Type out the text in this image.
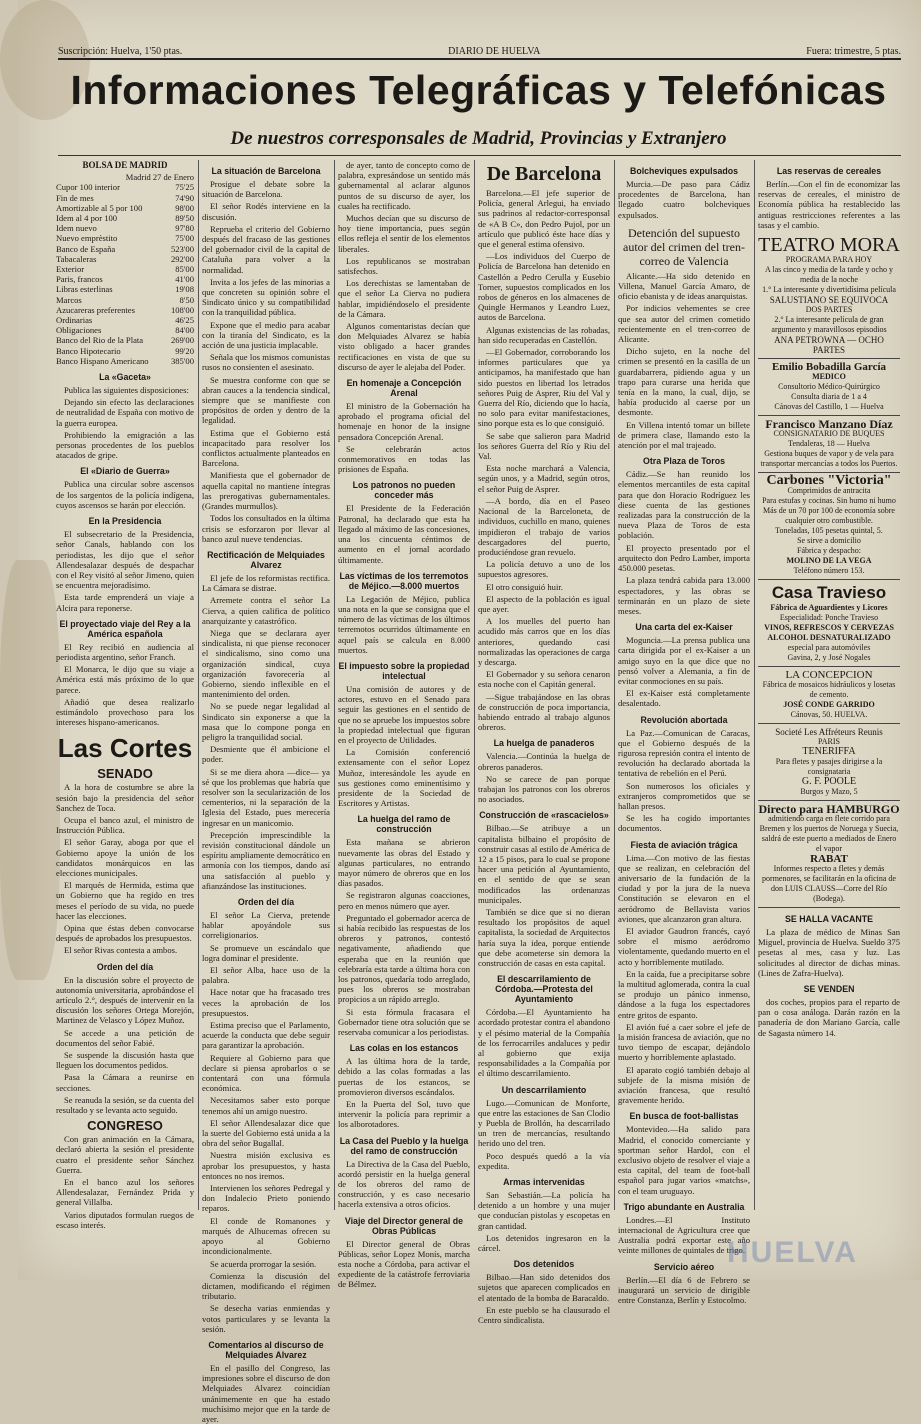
Suscripción: Huelva, 1'50 ptas.	DIARIO DE HUELVA	Fuera: trimestre, 5 ptas.
Informaciones Telegráficas y Telefónicas
De nuestros corresponsales de Madrid, Provincias y Extranjero
BOLSA DE MADRID
Madrid 27 de Enero
Cupor 100 interior	75'25
Fin de mes	74'90
Amortizable al 5 por 100	98'00
Idem al 4 por 100	89'50
Idem nuevo	97'80
Nuevo emprèstito	75'00
Banco de España	523'00
Tabacaleras	292'00
Exterior	85'00
Paris, francos	41'00
Libras esterlinas	19'08
Marcos	8'50
Azucareras preferentes	108'00
Ordinarias	46'25
Obligaciones	84'00
Banco del Rio de la Plata	269'00
Banco Hipotecario	99'20
Banco Hispano Americano	385'00
La «Gaceta»

Publica las siguientes disposiciones:

Dejando sin efecto las declaraciones de neutralidad de España con motivo de la guerra europea.

Prohibiendo la emigración a las personas procedentes de los pueblos atacados de gripe.

El «Diario de Guerra»

Publica una circular sobre ascensos de los sargentos de la policía indígena, cuyos ascensos se harán por elección.

En la Presidencia

El subsecretario de la Presidencia, señor Canals, hablando con los periodistas, les dijo que el señor Allendesalazar después de despachar con el Rey visitó al señor Jimeno, quien se encuentra mejoradísimo.

Esta tarde emprenderá un viaje a Alcira para reponerse.

El proyectado viaje del Rey a la América española

El Rey recibió en audiencia al periodista argentino, señor Franch.

El Monarca, le dijo que su viaje a América está más próximo de lo que parece.

Añadió que desea realizarlo estimándolo provechoso para los intereses hispano-americanos.

Las Cortes
SENADO

A la hora de costumbre se abre la sesión bajo la presidencia del señor Sanchez de Toca.

Ocupa el banco azul, el ministro de Instrucción Pública.

El señor Garay, aboga por que el Gobierno apoye la unión de los candidatos monárquicos en las elecciones municipales.

El marqués de Hermida, estima que un Gobierno que ha regido en tres meses el período de su vida, no puede hacer las elecciones.

Opina que éstas deben convocarse después de aprobados los presupuestos.

El señor Rivas contesta a ambos.

Orden del día

En la discusión sobre el proyecto de autonomía universitaria, aprobándose el artículo 2.°, después de intervenir en la discusión los señores Ortega Morejón, Martinez de Velasco y López Muñoz.

Se accede a una petición de documentos del señor Fabié.

Se suspende la discusión hasta que lleguen los documentos pedidos.

Pasa la Cámara a reunirse en secciones.

Se reanuda la sesión, se da cuenta del resultado y se levanta acto seguido.

CONGRESO

Con gran animación en la Cámara, declaró abierta la sesión el presidente cuatro el presidente señor Sánchez Guerra.

En el banco azul los señores Allendesalazar, Fernández Prida y general Villalba.

Varios diputados formulan ruegos de escaso interés.

La situación de Barcelona

Prosigue el debate sobre la situación de Barcelona.

El señor Rodés interviene en la discusión.

Reprueba el criterio del Gobierno después del fracaso de las gestiones del gobernador civil de la capital de Cataluña para volver a la normalidad.

Invita a los jefes de las minorias a que concreten su opinión sobre el Sindicato único y su compatibilidad con la tranquilidad pública.

Expone que el medio para acabar con la tiranía del Sindicato, es la acción de una justicia implacable.

Señala que los mismos comunistas rusos no consienten el asesinato.

Se muestra conforme con que se abran cauces a la tendencia sindical, siempre que se manifieste con propósitos de orden y dentro de la legalidad.

Estima que el Gobierno está incapacitado para resolver los conflictos actualmente planteados en Barcelona.

Manifiesta que el gobernador de aquella capital no mantiene íntegras las prerogativas gubernamentales. (Grandes murmullos).

Todos los consultados en la última crisis se esforzaron por llevar al banco azul nueve tendencias.

Rectificación de Melquiades Alvarez

El jefe de los reformistas rectifica. La Cámara se distrae.

Arremete contra el señor La Cierva, a quien califica de político anarquizante y catastrófico.

Niega que se declarara ayer sindicalista, ni que piense reconocer el sindicalismo, sino como una organización sindical, cuya organización favorecería al Gobierno, siendo inflexible en el mantenimiento del orden.

No se puede negar legalidad al Sindicato sin exponerse a que la masa que lo compone ponga en peligro la tranquilidad social.

Desmiente que él ambicione el poder.

Si se me diera ahora —dice— ya sé que los problemas que habría que resolver son la secularización de los cementerios, ni la separación de la Iglesia del Estado, pues merecería ingresar en un manicomio.

Precepción imprescindible la revisión constitucional dándole un espíritu ampliamente democrático en armonía con los tiempos, dando así una satisfacción al pueblo y afianzándose las instituciones.

Orden del día

El señor La Cierva, pretende hablar apoyándole sus correligionarios.

Se promueve un escándalo que logra dominar el presidente.

El señor Alba, hace uso de la palabra.

Hace notar que ha fracasado tres veces la aprobación de los presupuestos.

Estima preciso que el Parlamento, acuerde la conducta que debe seguir para garantizar la aprobación.

Requiere al Gobierno para que declare si piensa aprobarlos o se contentará con una fórmula económica.

Necesitamos saber esto porque tenemos ahí un amigo nuestro.

El señor Allendesalazar dice que la suerte del Gobierno está unida a la obra del señor Bugallal.

Nuestra misión exclusiva es aprobar los presupuestos, y hasta entonces no nos iremos.

Intervienen los señores Pedregal y don Indalecio Prieto poniendo reparos.

El conde de Romanones y marqués de Alhucemas ofrecen su apoyo al Gobierno incondicionalmente.

Se acuerda prorrogar la sesión.

Comienza la discusión del dictamen, modificando el régimen tributario.

Se desecha varias enmiendas y votos particulares y se levanta la sesión.

Comentarios al discurso de Melquiades Alvarez

En el pasillo del Congreso, las impresiones sobre el discurso de don Melquiades Alvarez coincidían unánimemente en que ha estado muchísimo mejor que en la tarde de ayer.

de ayer, tanto de concepto como de palabra, expresándose un sentido más gubernamental al aclarar algunos puntos de su discurso de ayer, los cuales ha rectificado.

Muchos decían que su discurso de hoy tiene importancia, pues según ellos refleja el sentir de los elementos liberales.

Los republicanos se mostraban satisfechos.

Los derechistas se lamentaban de que el señor La Cierva no pudiera hablar, impidiéndoselo el presidente de la Cámara.

Algunos comentaristas decían que don Melquiades Alvarez se había visto obligado a hacer grandes rectificaciones en vista de que su discurso de ayer le alejaba del Poder.

En homenaje a Concepción Arenal

El ministro de la Gobernación ha aprobado el programa oficial del homenaje en honor de la insigne pensadora Concepción Arenal.

Se celebrarán actos conmemorativos en todas las prisiones de España.

Los patronos no pueden conceder más

El Presidente de la Federación Patronal, ha declarado que esta ha llegado al máximo de las concesiones, una los cincuenta céntimos de aumento en el jornal acordado últimamente.

Las víctimas de los terremotos de Méjico.—8.000 muertos

La Legación de Méjico, publica una nota en la que se consigna que el número de las víctimas de los últimos terremotos ocurridos últimamente en aquel país se calcula en 8.000 muertos.

El impuesto sobre la propiedad intelectual

Una comisión de autores y de actores, estuvo en el Senado para seguir las gestiones en el sentido de que no se apruebe los impuestos sobre la propiedad intelectual que figuran en el proyecto de Utilidades.

La Comisión conferenció extensamente con el señor Lopez Muñoz, interesándole les ayude en sus gestiones como eminentísimo y presidente de la Sociedad de Escritores y Artistas.

La huelga del ramo de construcción

Esta mañana se abrieron nuevamente las obras del Estado y algunas particulares, no entrando mayor número de obreros que en los días pasados.

Se registraron algunas coacciones, pero en menos número que ayer.

Preguntado el gobernador acerca de si había recibido las respuestas de los obreros y patronos, contestó negativamente, añadiendo que esperaba que en la reunión que celebraría esta tarde a última hora con los patronos, quedaría todo arreglado, pues los obreros se mostraban propicios a un rápido arreglo.

Si esta fórmula fracasara el Gobernador tiene otra solución que se reservaba comunicar a los periodistas.

Las colas en los estancos

A las última hora de la tarde, debido a las colas formadas a las puertas de los estancos, se promovieron diversos escándalos.

En la Puerta del Sol, tuvo que intervenir la policía para reprimir a los alborotadores.

La Casa del Pueblo y la huelga del ramo de construcción

La Directiva de la Casa del Pueblo, acordó persistir en la huelga general de los obreros del ramo de construcción, y es caso necesario hacerla extensiva a otros oficios.

Viaje del Director general de Obras Públicas

El Director general de Obras Públicas, señor Lopez Monís, marcha esta noche a Córdoba, para activar el expediente de la catástrofe ferroviaria de Bélmez.

De Barcelona

Barcelona.—El jefe superior de Policía, general Arlegui, ha enviado sus padrinos al redactor-corresponsal de «A B C», don Pedro Pujol, por un artículo que publicó éste hace días y que el general estima ofensivo.

—Los individuos del Cuerpo de Policía de Barcelona han detenido en Castellón a Pedro Cerulla y Eusebio Torner, supuestos complicados en los robos de géneros en los almacenes de Quingle Hermanos y Leandro Luez, autos de Barcelona.

Algunas existencias de las robadas, han sido recuperadas en Castellón.

—El Gobernador, corroborando los informes particulares que ya anticipamos, ha manifestado que han sido puestos en libertad los letrados señores Puig de Asprer, Riu del Val y Guerra del Río, diciendo que lo hacía, no solo para evitar manifestaciones, sino porque esta es lo que consiguió.

Se sabe que salieron para Madrid los señores Guerra del Río y Riu del Val.

Esta noche marchará a Valencia, según unos, y a Madrid, según otros, el señor Puig de Asprer.

—A bordo, día en el Paseo Nacional de la Barceloneta, de individuos, cuchillo en mano, quienes impidieron el trabajo de varios descargadores del puerto, produciéndose gran revuelo.

La policía detuvo a uno de los supuestos agresores.

El otro consiguió huir.

El aspecto de la población es igual que ayer.

A los muelles del puerto han acudido más carros que en los días anteriores, quedando casi normalizadas las operaciones de carga y descarga.

El Gobernador y su señora cenaron esta noche con el Capitán general.

—Sigue trabajándose en las obras de construcción de poca importancia, habiendo entrado al trabajo algunos obreros.

La huelga de panaderos

Valencia.—Continúa la huelga de obreros panaderos.

No se carece de pan porque trabajan los patronos con los obreros no asociados.

Construcción de «rascacielos»

Bilbao.—Se atribuye a un capitalista bilbaino el propósito de construir casas al estilo de América de 12 a 15 pisos, para lo cual se propone hacer una petición al Ayuntamiento, en el sentido de que se sean modificados las ordenanzas municipales.

También se dice que si no dieran resultado los propósitos de aquel capitalista, la sociedad de Arquitectos haría suya la idea, porque entiende que debe acometerse sin demora la construcción de casas en esta capital.

El descarrilamiento de Córdoba.—Protesta del Ayuntamiento

Córdoba.—El Ayuntamiento ha acordado protestar contra el abandono y el pésimo material de la Compañía de los ferrocarriles andaluces y pedir al gobierno que exija responsabilidades a la Compañía por el último descarrilamiento.

Un descarrilamiento

Lugo.—Comunican de Monforte, que entre las estaciones de San Clodio y Puebla de Brollón, ha descarrilado un tren de mercancías, resultando herido uno del tren.

Poco después quedó a la vía expedita.

Armas intervenidas

San Sebastián.—La policía ha detenido a un hombre y una mujer que conducían pistolas y escopetas en gran cantidad.

Los detenidos ingresaron en la cárcel.

Dos detenidos

Bilbao.—Han sido detenidos dos sujetos que aparecen complicados en el atentado de la bomba de Baracaldo.

En este pueblo se ha clausurado el Centro sindicalista.

Bolcheviques expulsados

Murcia.—De paso para Cádiz procedentes de Barcelona, han llegado cuatro bolcheviques expulsados.

Detención del supuesto autor del crimen del tren-correo de Valencia

Alicante.—Ha sido detenido en Villena, Manuel García Amaro, de oficio ebanista y de ideas anarquistas.

Por indicios vehementes se cree que sea autor del crimen cometido recientemente en el tren-correo de Alicante.

Dicho sujeto, en la noche del crimen se presentó en la casilla de un guardabarrera, pidiendo agua y un trapo para curarse una herida que tenía en la mano, la cual, dijo, se había producido al caerse por un desmonte.

En Villena intentó tomar un billete de primera clase, llamando esto la atención por el mal trajeado.

Otra Plaza de Toros

Cádiz.—Se han reunido los elementos mercantiles de esta capital para que don Horacio Rodríguez les diese cuenta de las gestiones realizadas para la construcción de la nueva Plaza de Toros de esta población.

El proyecto presentado por el arquitecto don Pedro Lamber, importa 450.000 pesetas.

La plaza tendrá cabida para 13.000 espectadores, y las obras se terminarán en un plazo de siete meses.

Una carta del ex-Kaiser

Moguncia.—La prensa publica una carta dirigida por el ex-Kaiser a un amigo suyo en la que dice que no pensó volver a Alemania, a fin de evitar conmociones en su país.

El ex-Kaiser está completamente desalentado.

Revolución abortada

La Paz.—Comunican de Caracas, que el Gobierno después de la rigurosa represión contra el intento de revolución ha declarado abortada la tentativa de rebelión en el Perú.

Son numerosos los oficiales y extranjeros comprometidos que se hallan presos.

Se les ha cogido importantes documentos.

Fiesta de aviación trágica

Lima.—Con motivo de las fiestas que se realizan, en celebración del aniversario de la fundación de la ciudad y por la jura de la nueva Constitución se elevaron en el aeródromo de Bellavista varios aviones, que alcanzaron gran altura.

El aviador Gaudron francés, cayó sobre el mismo aeródromo violentamente, quedando muerto en el acto y horriblemente mutilado.

En la caída, fue a precipitarse sobre la multitud aglomerada, contra la cual se produjo un pánico inmenso, dándose a la fuga los espectadores entre gritos de espanto.

El avión fué a caer sobre el jefe de la misión francesa de aviación, que no tuvo tiempo de escapar, dejándolo muerto y horriblemente aplastado.

El aparato cogió también debajo al subjefe de la misma misión de aviación francesa, que resultó gravemente herido.

En busca de foot-ballistas

Montevideo.—Ha salido para Madrid, el conocido comerciante y sportman señor Hardol, con el exclusivo objeto de resolver el viaje a esta capital, del team de foot-ball español para jugar varios «matchs», con el team uruguayo.

Trigo abundante en Australia

Londres.—El Instituto internacional de Agricultura cree que Australia podrá exportar este año veinte millones de quintales de trigo.

Servicio aéreo

Berlín.—El día 6 de Febrero se inaugurará un servicio de dirigible entre Constanza, Berlín y Estocolmo.

Las reservas de cereales

Berlín.—Con el fin de economizar las reservas de cereales, el ministro de Economía pública ha restablecido las antiguas restricciones referentes a las tasas y el cambio.

TEATRO MORA
PROGRAMA PARA HOY
A las cinco y media de la tarde y ocho y media de la noche
1.° La interesante y divertidísima película
SALUSTIANO SE EQUIVOCA
DOS PARTES
2.° La interesante película de gran argumento y maravillosos episodios
ANA PETROWNA — OCHO PARTES
Emilio Bobadilla García
MEDICO
Consultorio Médico-Quirúrgico
Consulta diaria de 1 a 4
Cánovas del Castillo, 1 — Huelva
Francisco Manzano Díaz
CONSIGNATARIO DE BUQUES
Tendaleras, 18 — Huelva
Gestiona buques de vapor y de vela para transportar mercancías a todos los Puertos.
Carbones "Victoria"
Comprimidos de antracita
Para estufas y cocinas. Sin humo ni humo
Más de un 70 por 100 de economía sobre cualquier otro combustible.
Toneladas, 105 pesetas quintal, 5.
Se sirve a domicilio
Fábrica y despacho:
MOLINO DE LA VEGA
Teléfono número 153.
Casa Travieso
Fábrica de Aguardientes y Licores
Especialidad: Ponche Travieso
VINOS, REFRESCOS Y CERVEZAS
ALCOHOL DESNATURALIZADO
especial para automóviles
Gavina, 2, y José Nogales
LA CONCEPCION
Fábrica de mosaicos hidráulicos y losetas de cemento.
JOSÉ CONDE GARRIDO
Cánovas, 50. HUELVA.
Societé Les Affréteurs Reunis
PARIS
TENERIFFA
Para fletes y pasajes dirigirse a la consignataria
G. F. POOLE
Burgos y Mazo, 5
Directo para HAMBURGO
admitiendo carga en flete corrido para Bremen y los puertos de Noruega y Suecia, saldrá de este puerto a mediados de Enero el vapor
RABAT
Informes respecto a fletes y demás pormenores, se facilitarán en la oficina de don LUIS CLAUSS—Corre del Río (Bodega).
SE HALLA VACANTE

La plaza de médico de Minas San Miguel, provincia de Huelva. Sueldo 375 pesetas al mes, casa y luz. Las solicitudes al director de dichas minas. (Lines de Zafra-Huelva).

SE VENDEN

dos coches, propios para el reparto de pan o cosa análoga. Darán razón en la panadería de don Mariano García, calle de Sagasta número 14.

HUELVA
